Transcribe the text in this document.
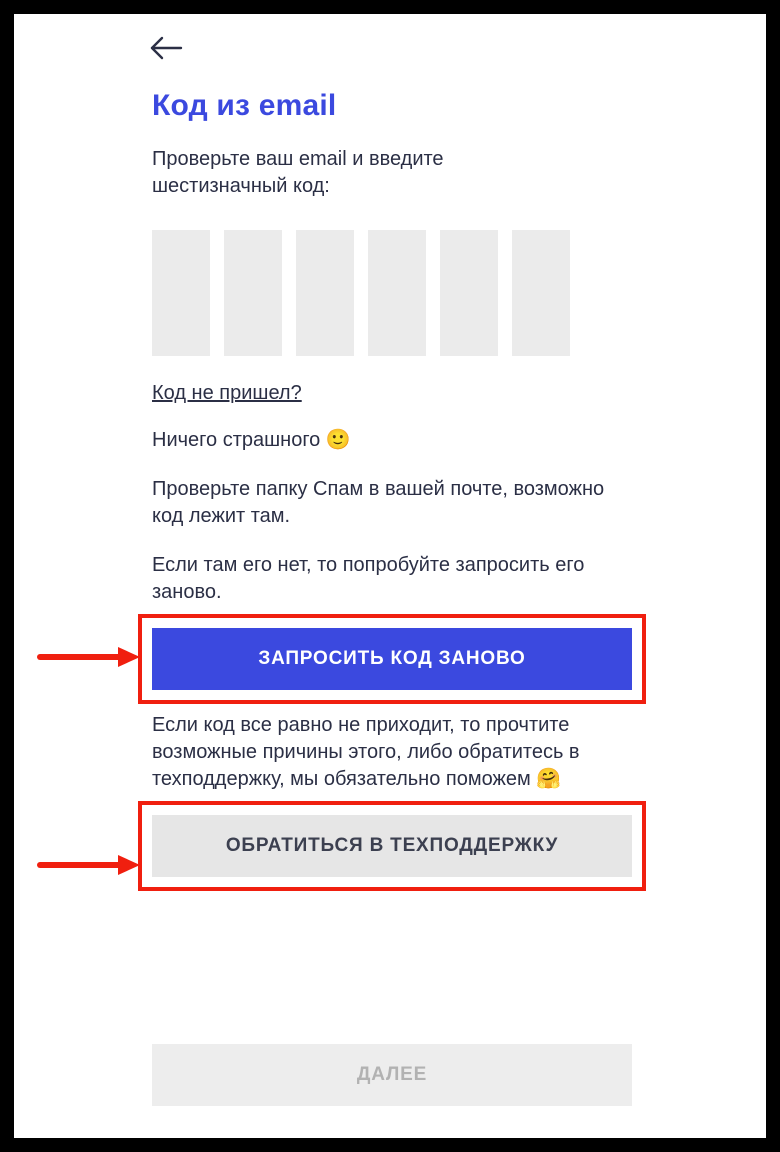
Код из email

Проверьте ваш email и введите шестизначный код:

Код не пришел?

Ничего страшного 🙂

Проверьте папку Спам в вашей почте, возможно код лежит там.

Если там его нет, то попробуйте запросить его заново.

ЗАПРОСИТЬ КОД ЗАНОВО

Если код все равно не приходит, то прочтите возможные причины этого, либо обратитесь в техподдержку, мы обязательно поможем 🤗

ОБРАТИТЬСЯ В ТЕХПОДДЕРЖКУ
ДАЛЕЕ
